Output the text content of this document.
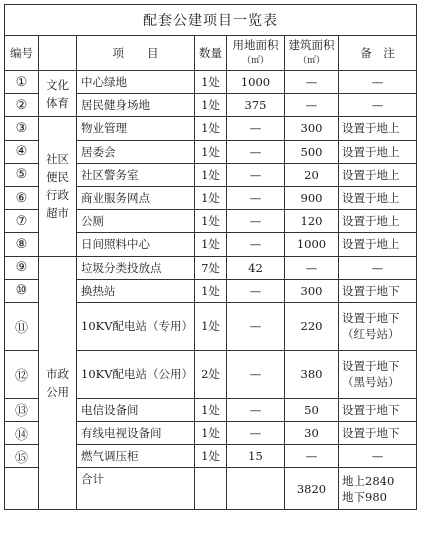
配套公建项目一览表						
编号		项　　目	数量	用地面积
（㎡）	建筑面积
（㎡）	备　注
①	文化体育	中心绿地	1处	1000	—	—
②		居民健身场地	1处	375	—	—
③	社区便民行政超市	物业管理	1处	—	300	设置于地上
④		居委会	1处	—	500	设置于地上
⑤		社区警务室	1处	—	20	设置于地上
⑥		商业服务网点	1处	—	900	设置于地上
⑦		公厕	1处	—	120	设置于地上
⑧		日间照料中心	1处	—	1000	设置于地上
⑨	市政公用	垃圾分类投放点	7处	42	—	—
⑩		换热站	1处	—	300	设置于地下
⑪		10KV配电站（专用）	1处	—	220	设置于地下
（红号站）
⑫		10KV配电站（公用）	2处	—	380	设置于地下
（黑号站）
⑬		电信设备间	1处	—	50	设置于地下
⑭		有线电视设备间	1处	—	30	设置于地下
⑮		燃气调压柜	1处	15	—	—
		合计			3820	地上2840
地下980
